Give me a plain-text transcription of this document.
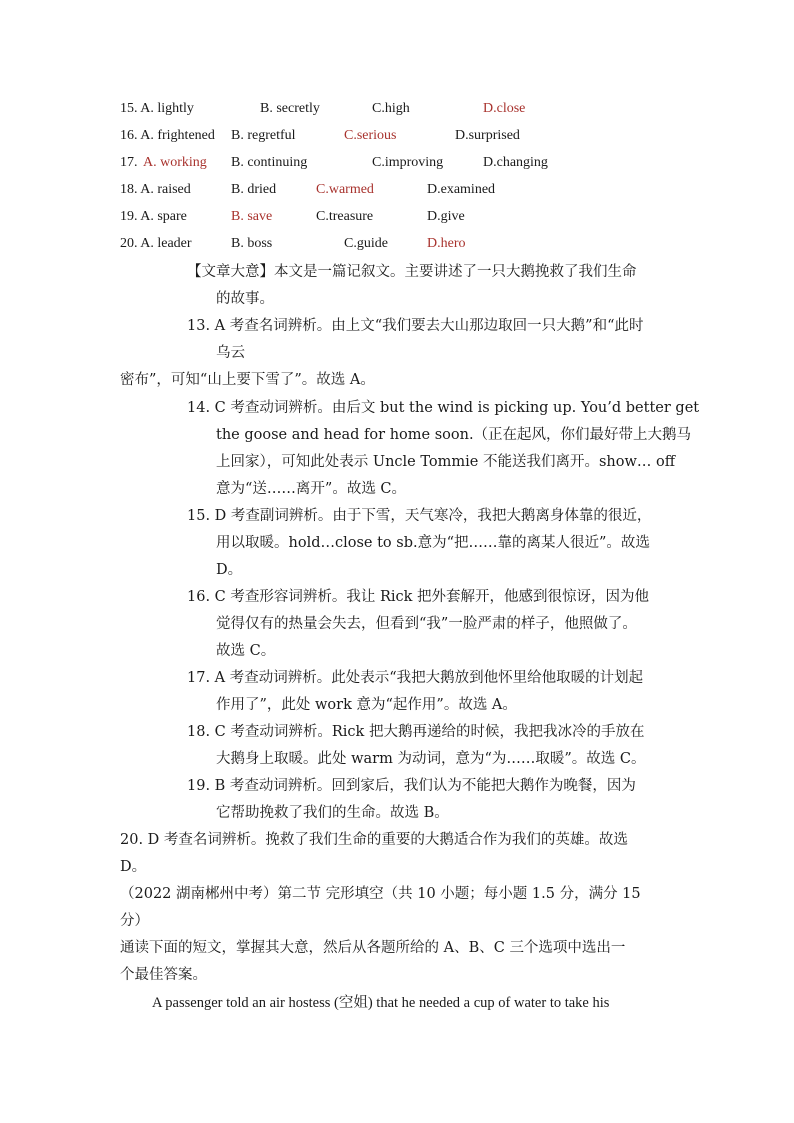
15. A. lightly	B. secretly	C.high	D.close
16. A. frightened B. regretful	C.serious	D.surprised
17. A. working B. continuing	C.improving	D.changing
18. A. raised	B. dried	C.warmed	D.examined
19. A. spare	B. save	C.treasure	D.give
20. A. leader	B. boss	C.guide	D.hero
【文章大意】本文是一篇记叙文。主要讲述了一只大鹅挽救了我们生命
的故事。
13. A 考查名词辨析。由上文“我们要去大山那边取回一只大鹅”和“此时
乌云
密布”，可知“山上要下雪了”。故选 A。
14. C 考查动词辨析。由后文 but the wind is picking up. You’d better get
the goose and head for home soon.（正在起风，你们最好带上大鹅马
上回家），可知此处表示 Uncle Tommie 不能送我们离开。show… off
意为“送……离开”。故选 C。
15. D 考查副词辨析。由于下雪，天气寒冷，我把大鹅离身体靠的很近，
用以取暖。hold…close to sb.意为“把……靠的离某人很近”。故选
D。
16. C 考查形容词辨析。我让 Rick 把外套解开，他感到很惊讶，因为他
觉得仅有的热量会失去，但看到“我”一脸严肃的样子，他照做了。
故选 C。
17. A 考查动词辨析。此处表示“我把大鹅放到他怀里给他取暖的计划起
作用了”，此处 work 意为“起作用”。故选 A。
18. C 考查动词辨析。Rick 把大鹅再递给的时候，我把我冰冷的手放在
大鹅身上取暖。此处 warm 为动词，意为“为……取暖”。故选 C。
19. B 考查动词辨析。回到家后，我们认为不能把大鹅作为晚餐，因为
它帮助挽救了我们的生命。故选 B。
20. D 考查名词辨析。挽救了我们生命的重要的大鹅适合作为我们的英雄。故选
D。
（2022 湖南郴州中考）第二节 完形填空（共 10 小题；每小题 1.5 分，满分 15
分）
通读下面的短文，掌握其大意，然后从各题所给的 A、B、C 三个选项中选出一
个最佳答案。
A passenger told an air hostess (空姐) that he needed a cup of water to take his
